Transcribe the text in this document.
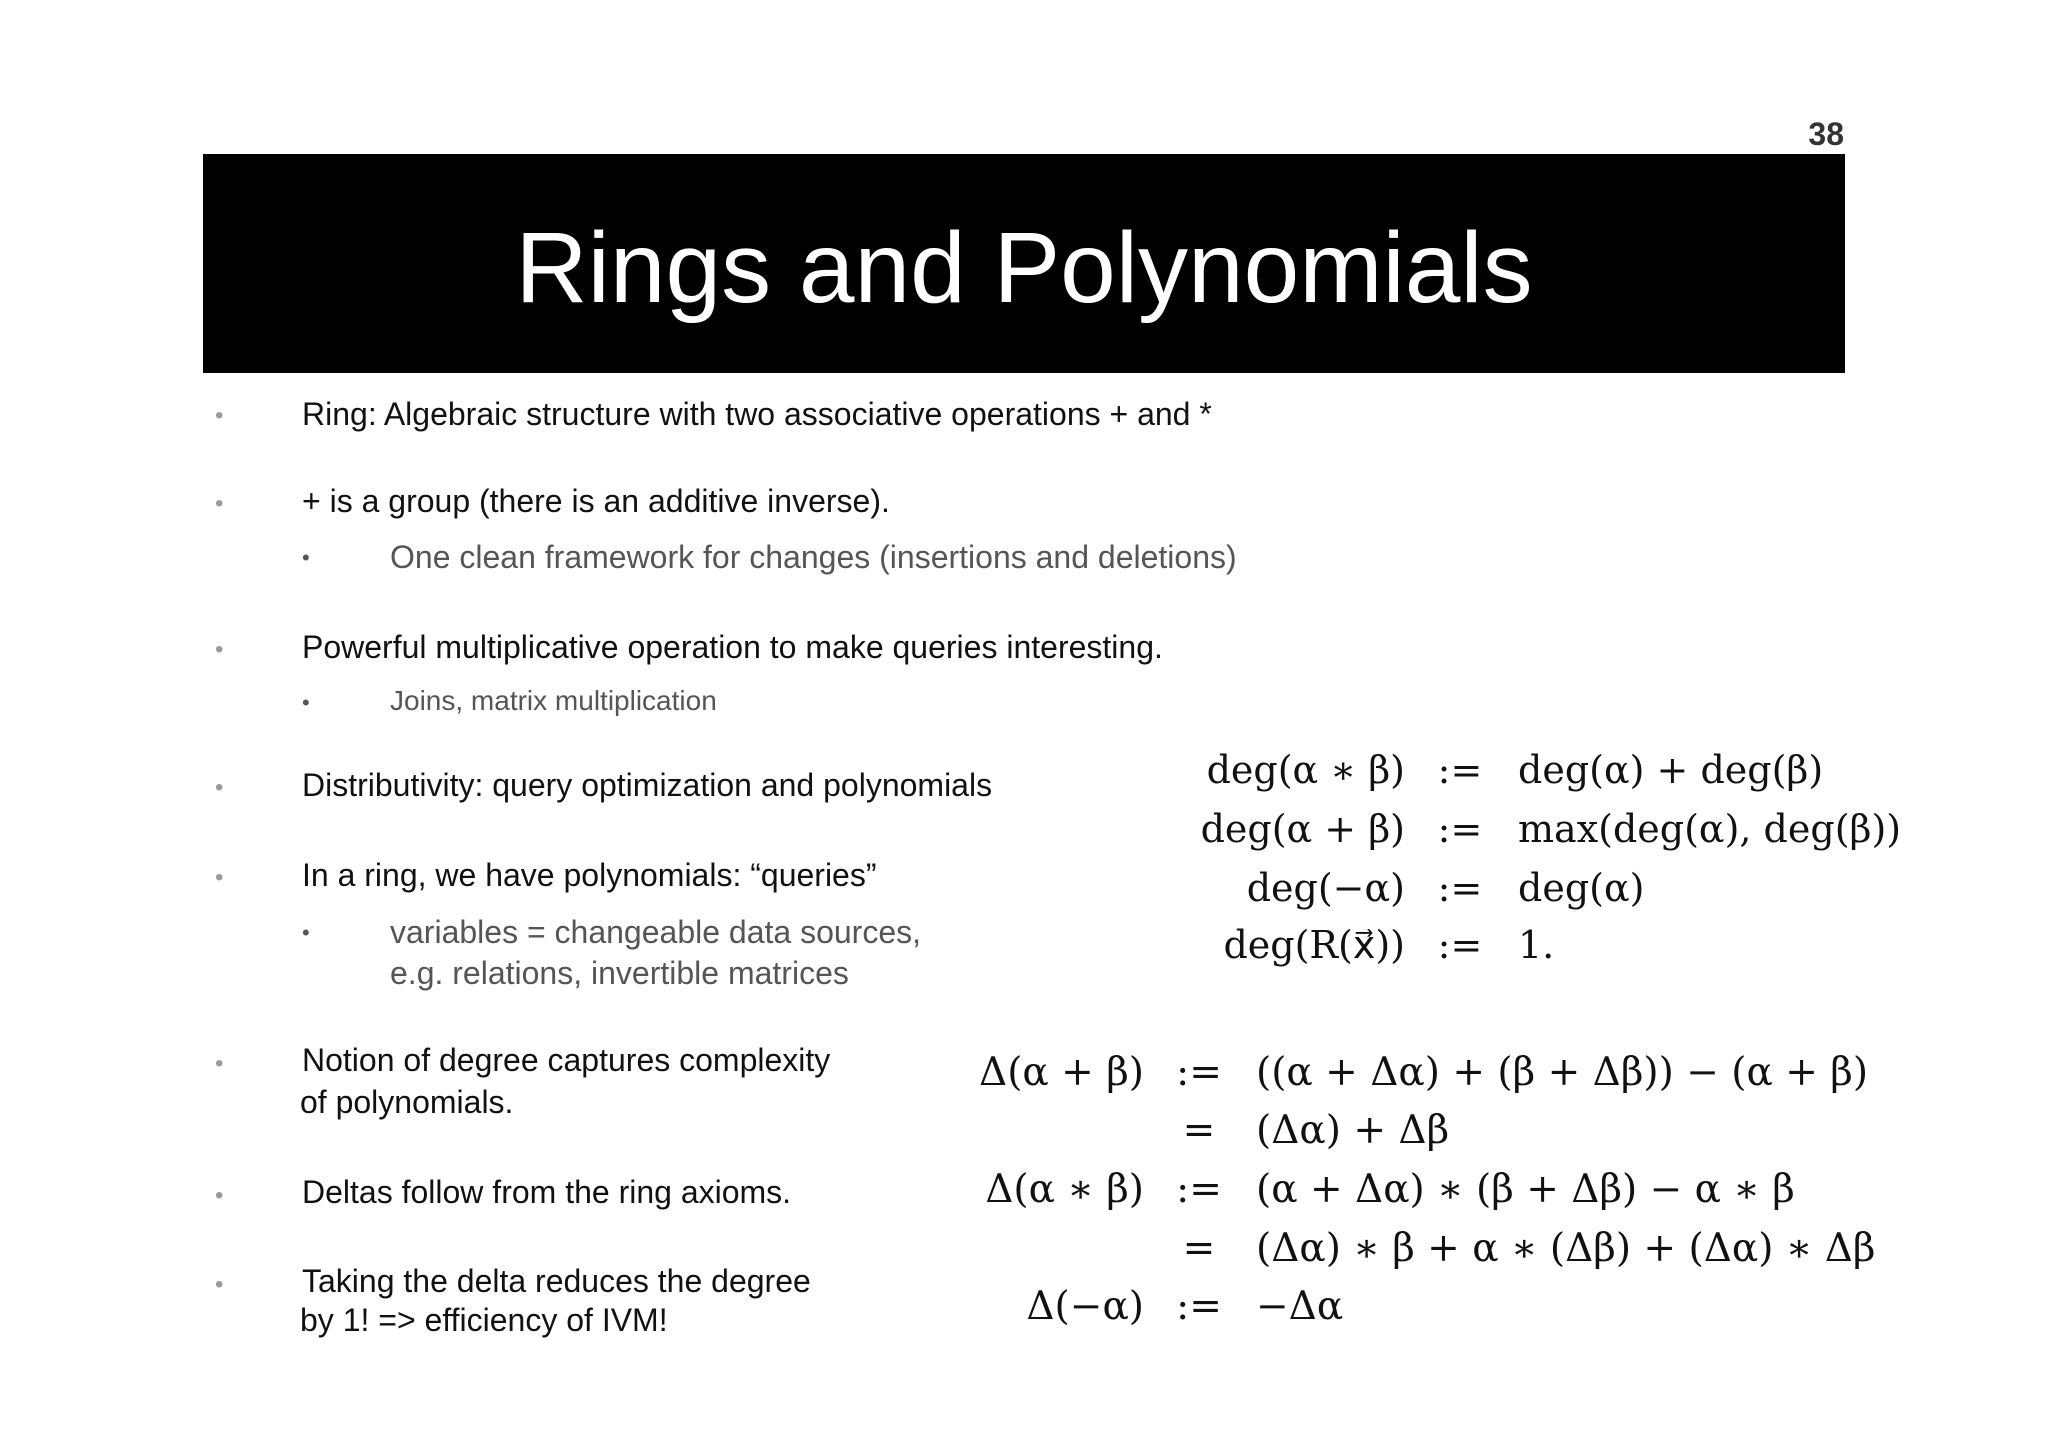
38
Rings and Polynomials
• Ring: Algebraic structure with two associative operations + and *
• + is a group (there is an additive inverse).
•	One clean framework for changes (insertions and deletions)
• Powerful multiplicative operation to make queries interesting.
•	Joins, matrix multiplication
• Distributivity: query optimization and polynomials
• In a ring, we have polynomials: “queries”
•	variables = changeable data sources,
e.g. relations, invertible matrices
• Notion of degree captures complexity
of polynomials.
• Deltas follow from the ring axioms.
• Taking the delta reduces the degree
by 1! => efficiency of IVM!
deg(α ∗ β) := deg(α) + deg(β)
deg(α + β) := max(deg(α), deg(β))
deg(−α) := deg(α)
deg(R(x⃗)) := 1.
Δ(α + β) := ((α + Δα) + (β + Δβ)) − (α + β)
=	(Δα) + Δβ
Δ(α ∗ β) := (α + Δα) ∗ (β + Δβ) − α ∗ β
=	(Δα) ∗ β + α ∗ (Δβ) + (Δα) ∗ Δβ
Δ(−α) := −Δα
